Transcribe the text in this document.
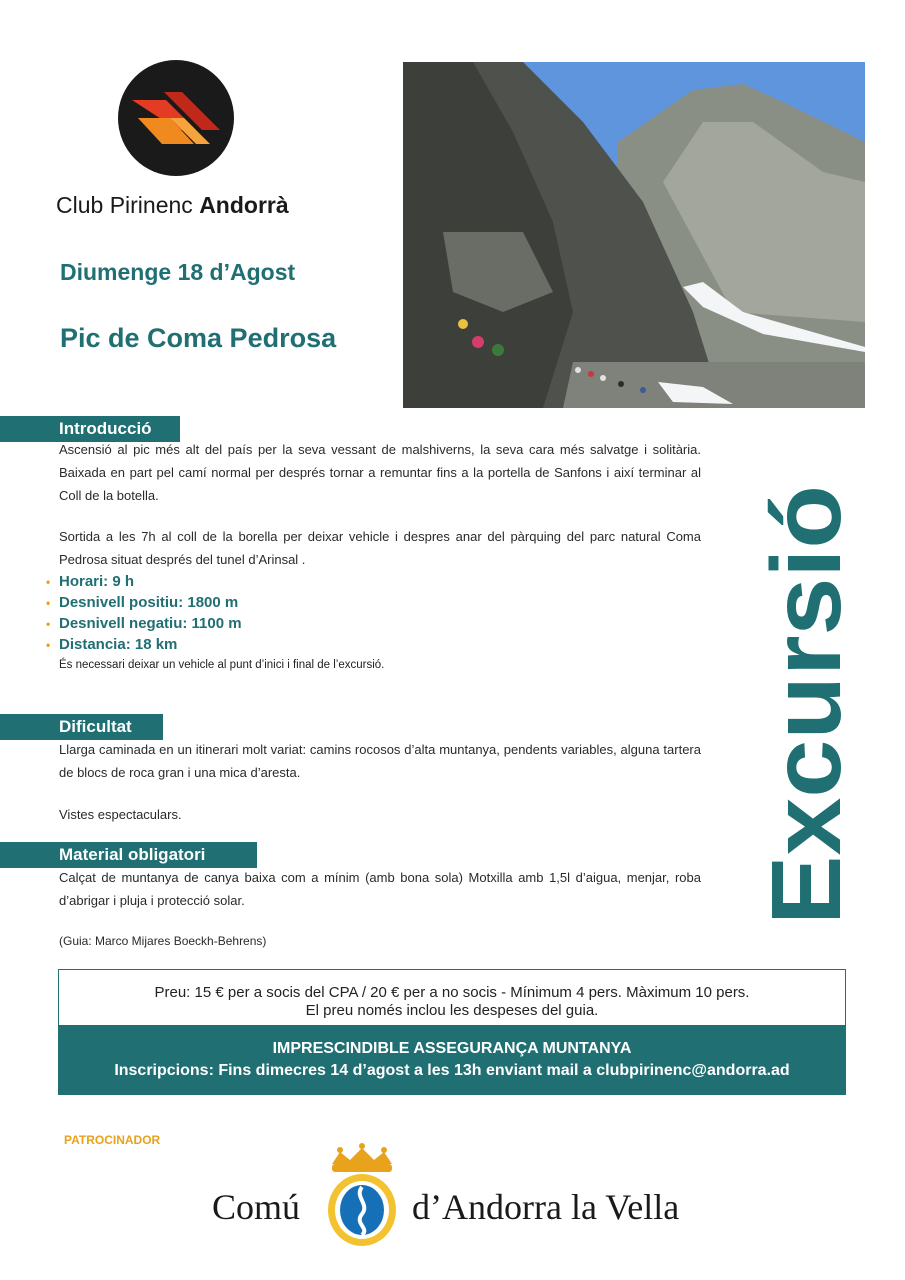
Club Pirinenc Andorrà
Diumenge 18 d’Agost
Pic de Coma Pedrosa
Introducció
Ascensió al pic més alt del país per la seva vessant de malshiverns, la seva cara més salvatge i solitària. Baixada en part pel camí normal per després tornar a remuntar fins a la portella de Sanfons i així terminar al Coll de la botella.
Sortida a les 7h al coll de la borella per deixar vehicle i despres anar del pàrquing del parc natural Coma Pedrosa situat després del tunel d’Arinsal .
• Horari: 9 h
• Desnivell positiu: 1800 m
• Desnivell negatiu: 1100 m
• Distancia: 18 km
És necessari deixar un vehicle al punt d’inici i final de l’excursió.
Dificultat
Llarga caminada en un itinerari molt variat: camins rocosos d’alta muntanya, pendents variables, alguna tartera de blocs de roca gran i una mica d’aresta.
Vistes espectaculars.
Material obligatori
Calçat de muntanya de canya baixa com a mínim (amb bona sola) Motxilla amb 1,5l d’aigua, menjar, roba d’abrigar i pluja i protecció solar.
(Guia: Marco Mijares Boeckh-Behrens)
Excursió
Preu: 15 € per a socis del CPA / 20 € per a no socis - Mínimum 4 pers. Màximum 10 pers.
El preu només inclou les despeses del guia.
IMPRESCINDIBLE ASSEGURANÇA MUNTANYA
Inscripcions: Fins dimecres 14 d’agost a les 13h enviant mail a clubpirinenc@andorra.ad
PATROCINADOR
Comú	d’Andorra la Vella
